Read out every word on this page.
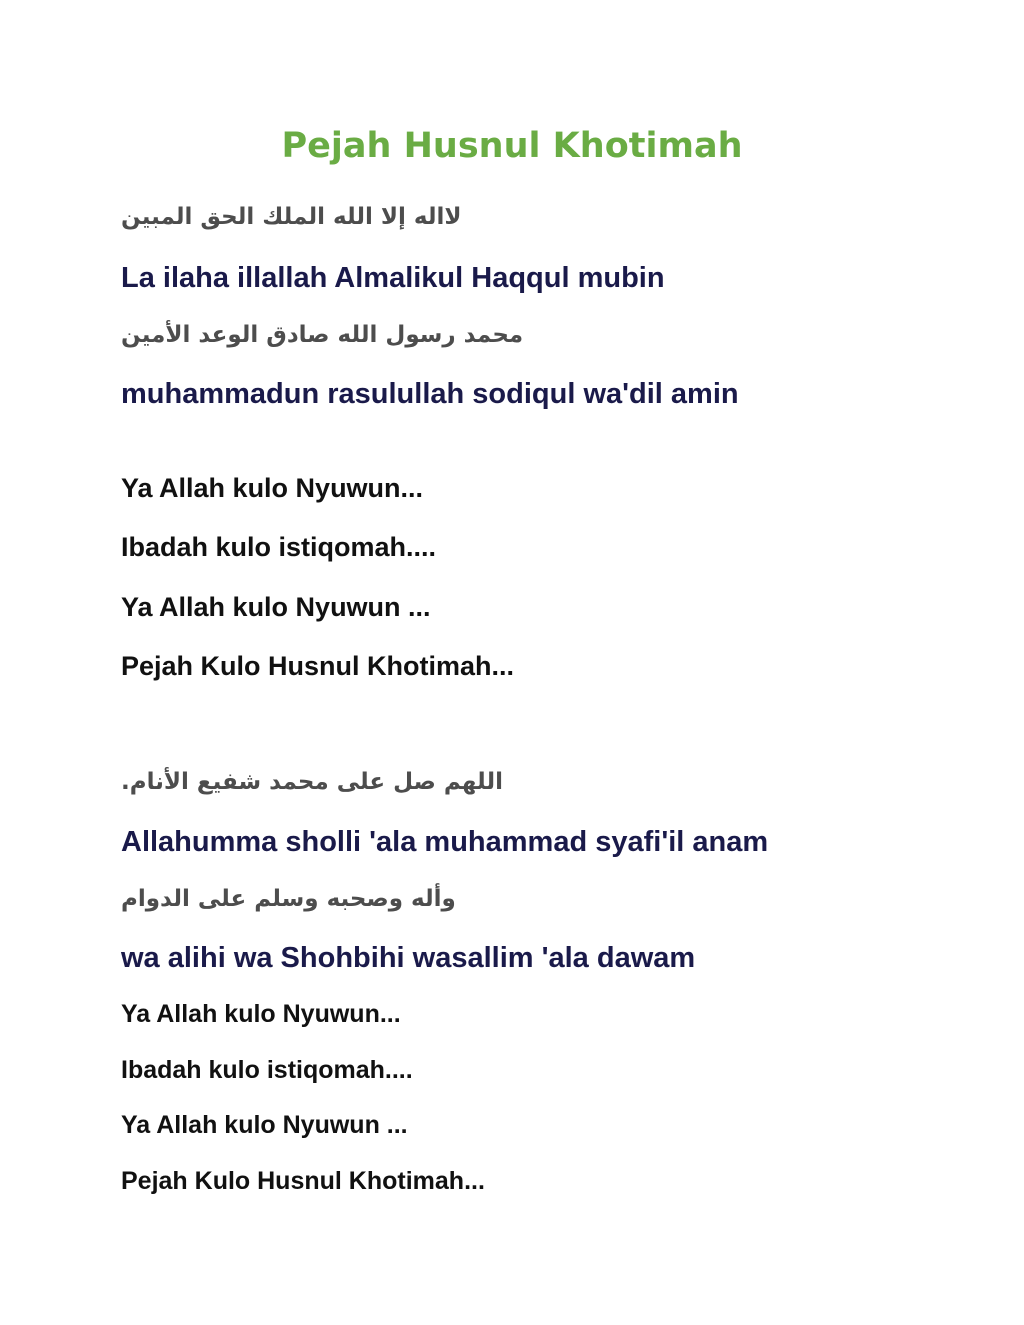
Pejah Husnul Khotimah

لااله إلا الله الملك الحق المبين

La ilaha illallah Almalikul Haqqul mubin

محمد رسول الله صادق الوعد الأمين

muhammadun rasulullah sodiqul wa'dil amin

Ya Allah kulo Nyuwun...

Ibadah kulo istiqomah....

Ya Allah kulo Nyuwun ...

Pejah Kulo Husnul Khotimah...

اللهم صل على محمد شفيع الأنام.

Allahumma sholli 'ala muhammad syafi'il anam

وأله وصحبه وسلم على الدوام

wa alihi wa Shohbihi wasallim 'ala dawam

Ya Allah kulo Nyuwun...

Ibadah kulo istiqomah....

Ya Allah kulo Nyuwun ...

Pejah Kulo Husnul Khotimah...
